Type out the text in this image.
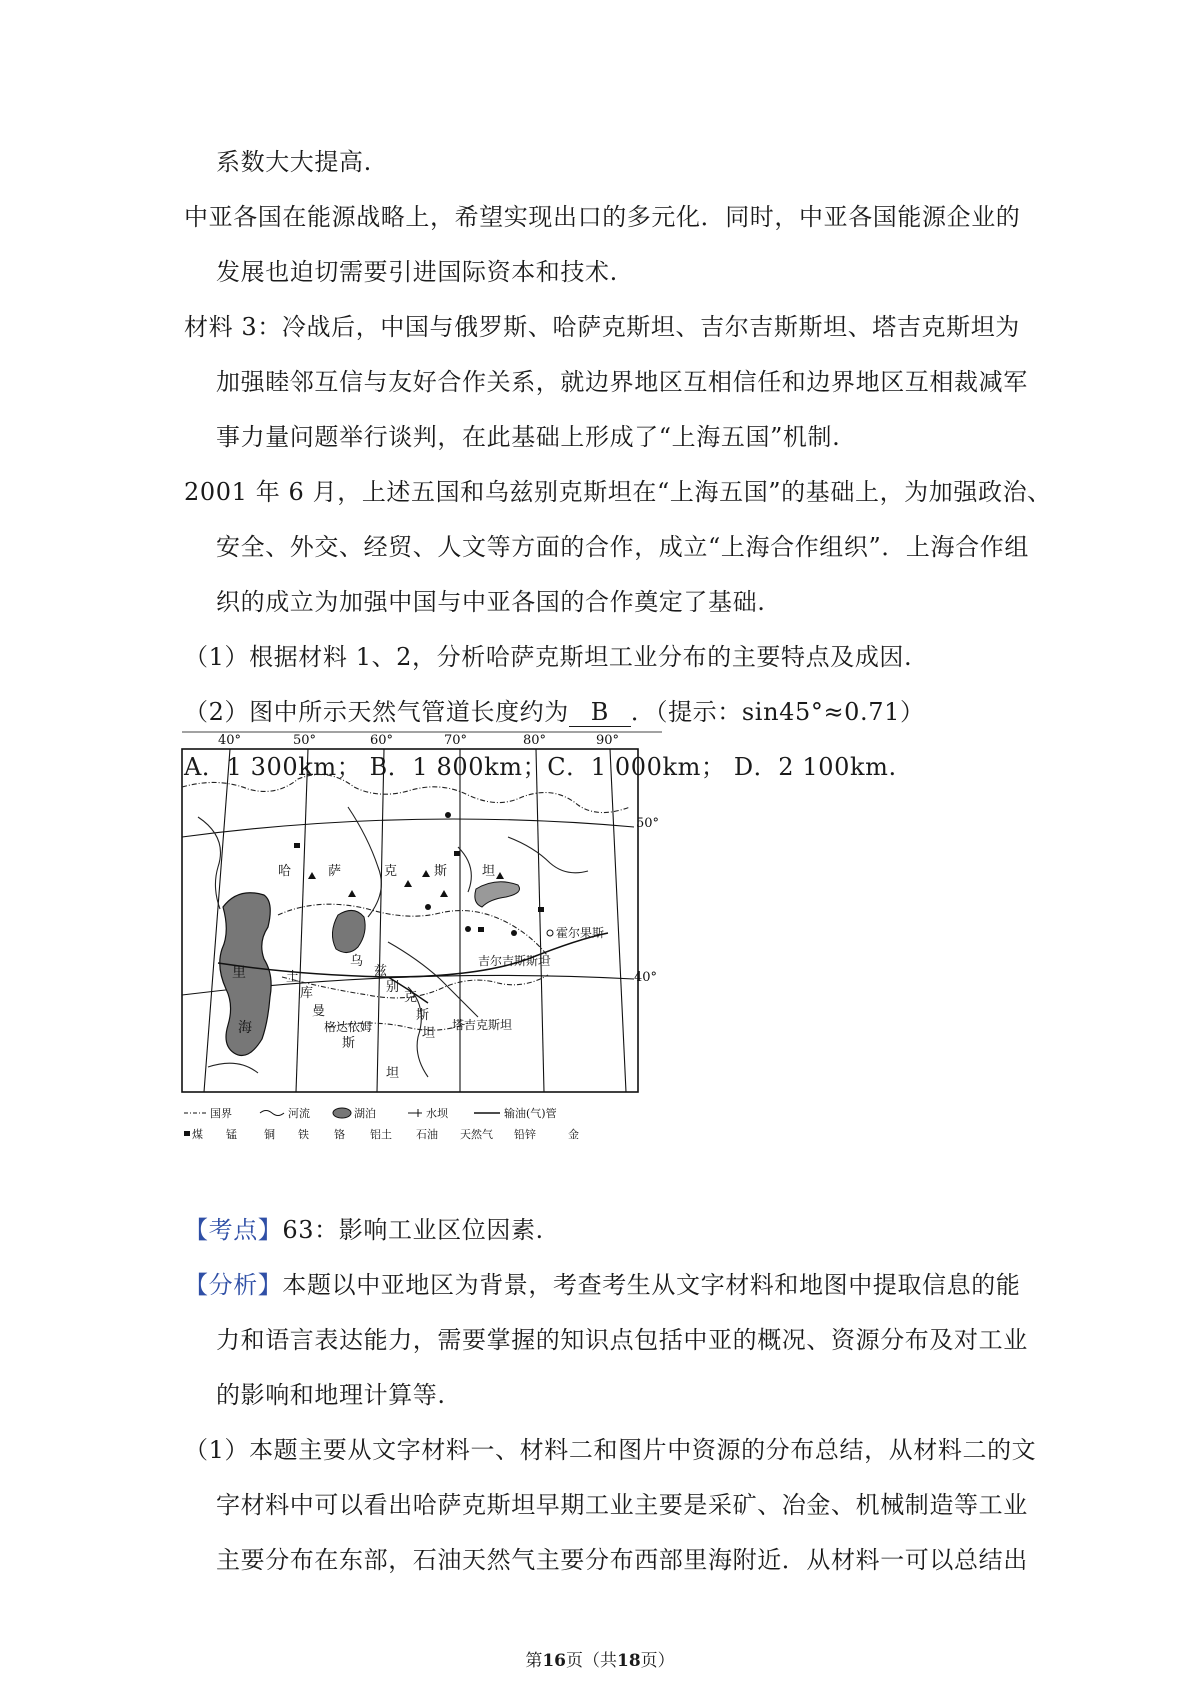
系数大大提高.
中亚各国在能源战略上，希望实现出口的多元化．同时，中亚各国能源企业的
发展也迫切需要引进国际资本和技术.
材料 3：冷战后，中国与俄罗斯、哈萨克斯坦、吉尔吉斯斯坦、塔吉克斯坦为
加强睦邻互信与友好合作关系，就边界地区互相信任和边界地区互相裁减军
事力量问题举行谈判，在此基础上形成了“上海五国”机制.
2001 年 6 月，上述五国和乌兹别克斯坦在“上海五国”的基础上，为加强政治、
安全、外交、经贸、人文等方面的合作，成立“上海合作组织”．上海合作组
织的成立为加强中国与中亚各国的合作奠定了基础.
（1）根据材料 1、2，分析哈萨克斯坦工业分布的主要特点及成因.
（2）图中所示天然气管道长度约为 B ．（提示：sin45°≈0.71）
A．1 300km； B．1 800km；C．1 000km； D．2 100km.
40°	50°	60°	70°	80°	90°
50°
40°
里
海
哈	萨	克	斯	坦
土
库
曼
格达依姆
斯
坦
乌
兹
别
克
斯
坦
吉尔吉斯斯坦
塔吉克斯坦
霍尔果斯
国界	河流	湖泊	水坝	输油(气)管
煤 锰 铜 铁 铬 铝土 石油 天然气 铅锌	金
【考点】63：影响工业区位因素.
【分析】本题以中亚地区为背景，考查考生从文字材料和地图中提取信息的能
力和语言表达能力，需要掌握的知识点包括中亚的概况、资源分布及对工业
的影响和地理计算等.
（1）本题主要从文字材料一、材料二和图片中资源的分布总结，从材料二的文
字材料中可以看出哈萨克斯坦早期工业主要是采矿、冶金、机械制造等工业
主要分布在东部，石油天然气主要分布西部里海附近．从材料一可以总结出
第16页（共18页）
